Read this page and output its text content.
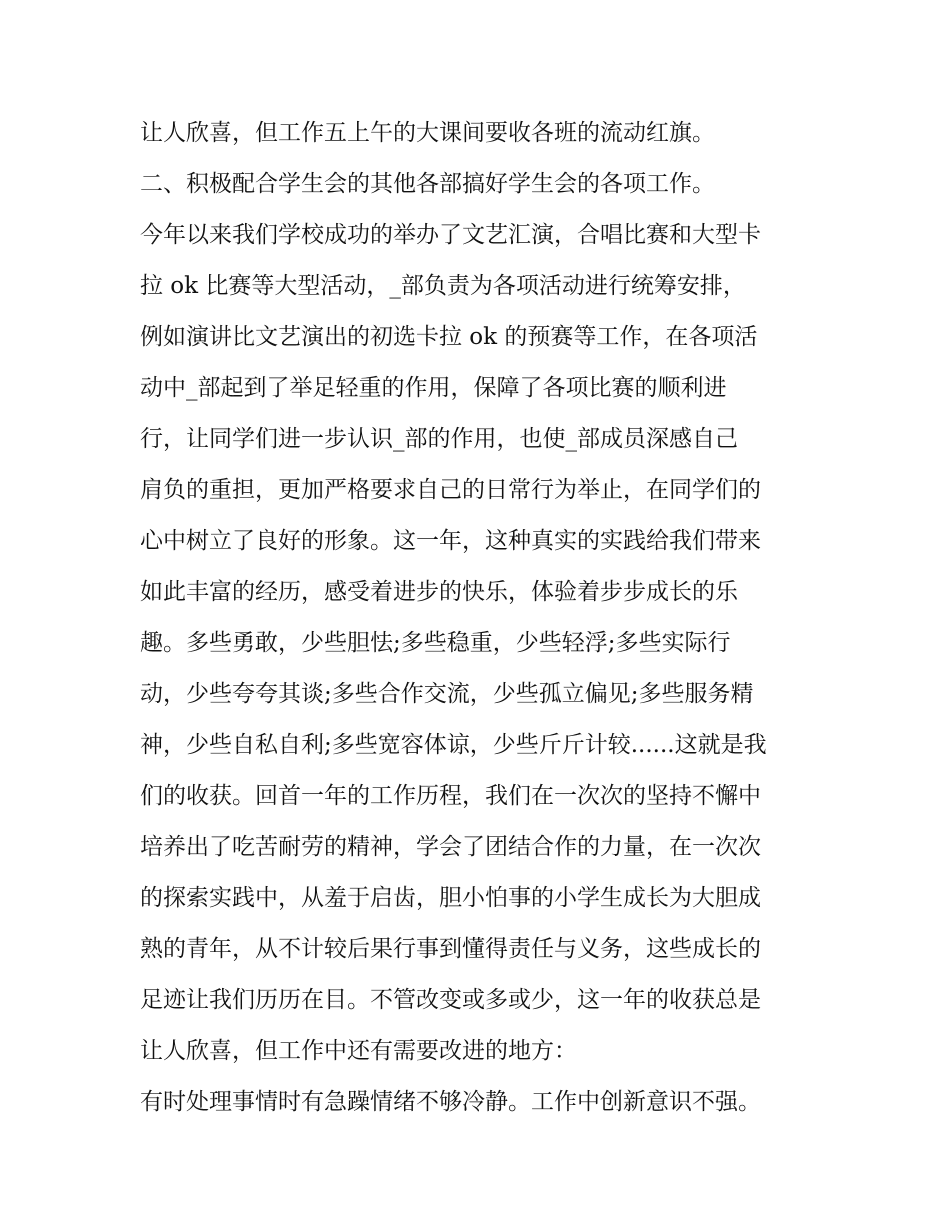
让人欣喜，但工作五上午的大课间要收各班的流动红旗。
二、积极配合学生会的其他各部搞好学生会的各项工作。
今年以来我们学校成功的举办了文艺汇演，合唱比赛和大型卡
拉 ok 比赛等大型活动，_部负责为各项活动进行统筹安排，
例如演讲比文艺演出的初选卡拉 ok 的预赛等工作，在各项活
动中_部起到了举足轻重的作用，保障了各项比赛的顺利进
行，让同学们进一步认识_部的作用，也使_部成员深感自己
肩负的重担，更加严格要求自己的日常行为举止，在同学们的
心中树立了良好的形象。这一年，这种真实的实践给我们带来
如此丰富的经历，感受着进步的快乐，体验着步步成长的乐
趣。多些勇敢，少些胆怯;多些稳重，少些轻浮;多些实际行
动，少些夸夸其谈;多些合作交流，少些孤立偏见;多些服务精
神，少些自私自利;多些宽容体谅，少些斤斤计较......这就是我
们的收获。回首一年的工作历程，我们在一次次的坚持不懈中
培养出了吃苦耐劳的精神，学会了团结合作的力量，在一次次
的探索实践中，从羞于启齿，胆小怕事的小学生成长为大胆成
熟的青年，从不计较后果行事到懂得责任与义务，这些成长的
足迹让我们历历在目。不管改变或多或少，这一年的收获总是
让人欣喜，但工作中还有需要改进的地方：
有时处理事情时有急躁情绪不够冷静。工作中创新意识不强。
